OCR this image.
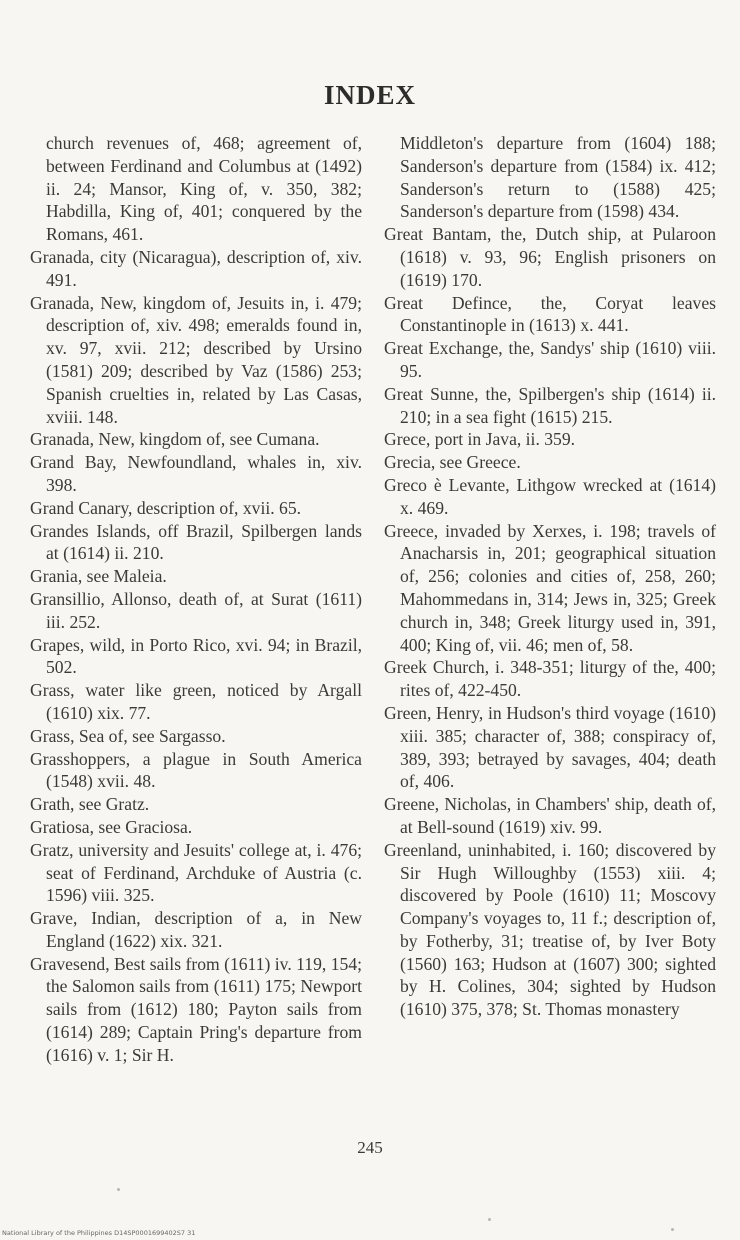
INDEX

church revenues of, 468; agreement of, between Ferdinand and Columbus at (1492) ii. 24; Mansor, King of, v. 350, 382; Habdilla, King of, 401; conquered by the Romans, 461.

Granada, city (Nicaragua), description of, xiv. 491.

Granada, New, kingdom of, Jesuits in, i. 479; description of, xiv. 498; emeralds found in, xv. 97, xvii. 212; described by Ursino (1581) 209; described by Vaz (1586) 253; Spanish cruelties in, related by Las Casas, xviii. 148.

Granada, New, kingdom of, see Cumana.

Grand Bay, Newfoundland, whales in, xiv. 398.

Grand Canary, description of, xvii. 65.

Grandes Islands, off Brazil, Spilbergen lands at (1614) ii. 210.

Grania, see Maleia.

Gransillio, Allonso, death of, at Surat (1611) iii. 252.

Grapes, wild, in Porto Rico, xvi. 94; in Brazil, 502.

Grass, water like green, noticed by Argall (1610) xix. 77.

Grass, Sea of, see Sargasso.

Grasshoppers, a plague in South America (1548) xvii. 48.

Grath, see Gratz.

Gratiosa, see Graciosa.

Gratz, university and Jesuits' college at, i. 476; seat of Ferdinand, Archduke of Austria (c. 1596) viii. 325.

Grave, Indian, description of a, in New England (1622) xix. 321.

Gravesend, Best sails from (1611) iv. 119, 154; the Salomon sails from (1611) 175; Newport sails from (1612) 180; Payton sails from (1614) 289; Captain Pring's departure from (1616) v. 1; Sir H.

Middleton's departure from (1604) 188; Sanderson's departure from (1584) ix. 412; Sanderson's return to (1588) 425; Sanderson's departure from (1598) 434.

Great Bantam, the, Dutch ship, at Pularoon (1618) v. 93, 96; English prisoners on (1619) 170.

Great Defince, the, Coryat leaves Constantinople in (1613) x. 441.

Great Exchange, the, Sandys' ship (1610) viii. 95.

Great Sunne, the, Spilbergen's ship (1614) ii. 210; in a sea fight (1615) 215.

Grece, port in Java, ii. 359.

Grecia, see Greece.

Greco è Levante, Lithgow wrecked at (1614) x. 469.

Greece, invaded by Xerxes, i. 198; travels of Anacharsis in, 201; geographical situation of, 256; colonies and cities of, 258, 260; Mahommedans in, 314; Jews in, 325; Greek church in, 348; Greek liturgy used in, 391, 400; King of, vii. 46; men of, 58.

Greek Church, i. 348-351; liturgy of the, 400; rites of, 422-450.

Green, Henry, in Hudson's third voyage (1610) xiii. 385; character of, 388; conspiracy of, 389, 393; betrayed by savages, 404; death of, 406.

Greene, Nicholas, in Chambers' ship, death of, at Bell-sound (1619) xiv. 99.

Greenland, uninhabited, i. 160; discovered by Sir Hugh Willoughby (1553) xiii. 4; discovered by Poole (1610) 11; Moscovy Company's voyages to, 11 f.; description of, by Fotherby, 31; treatise of, by Iver Boty (1560) 163; Hudson at (1607) 300; sighted by H. Colines, 304; sighted by Hudson (1610) 375, 378; St. Thomas monastery

245
National Library of the Philippines D14SP0001699402S7 31
